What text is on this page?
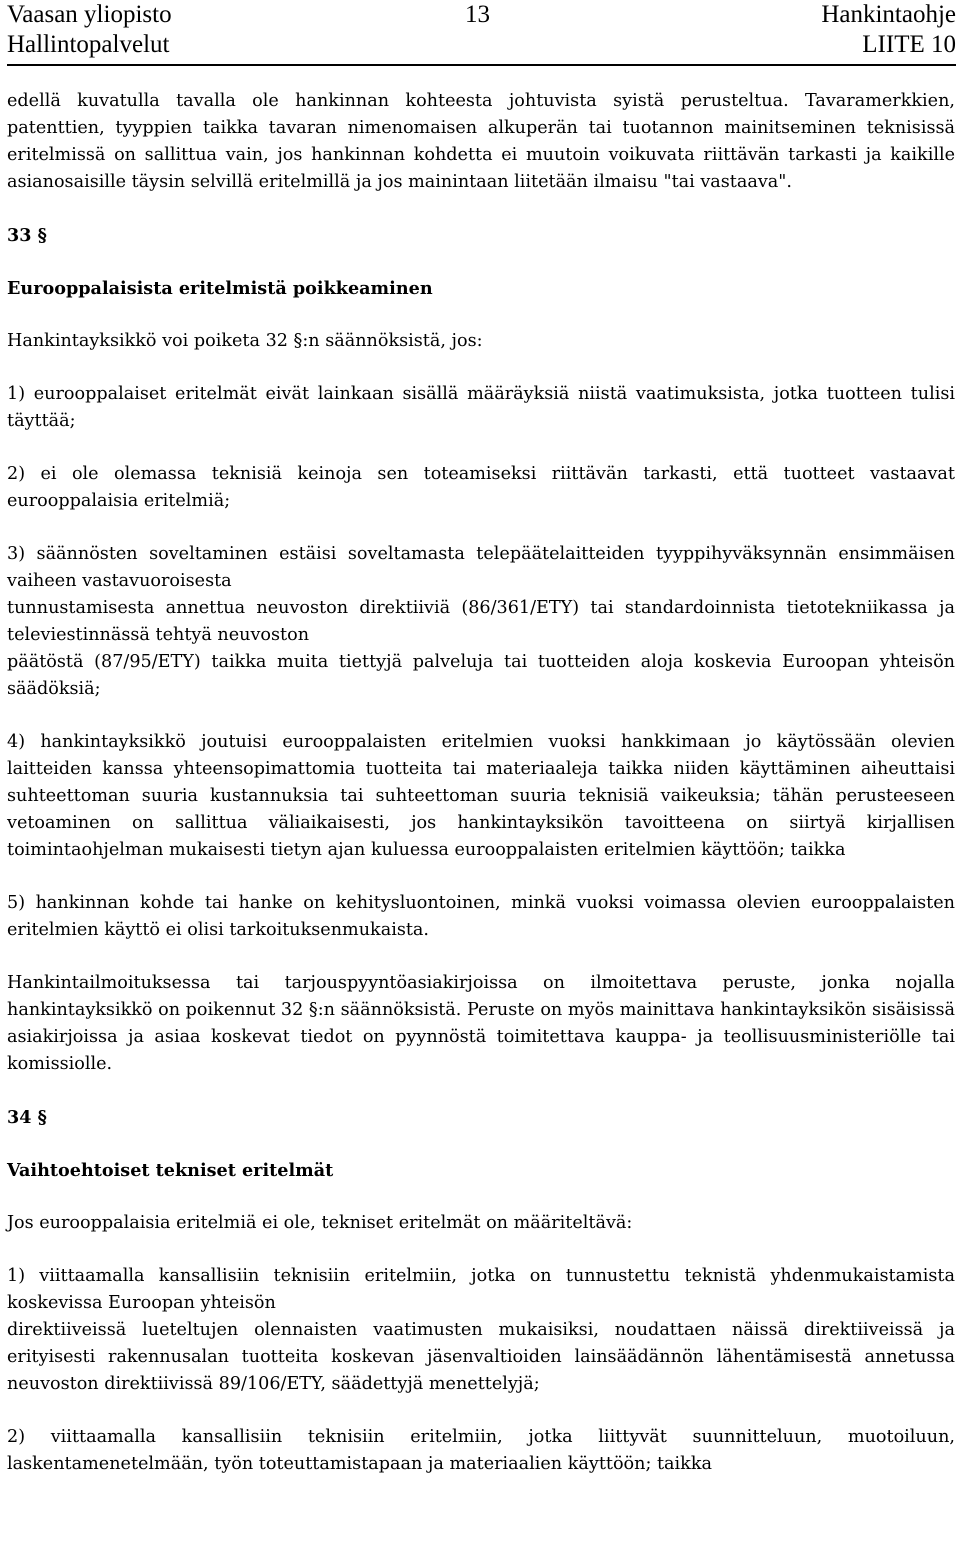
Vaasan yliopisto	13	Hankintaohje
Hallintopalvelut	LIITE 10

edellä kuvatulla tavalla ole hankinnan kohteesta johtuvista syistä perusteltua. Tavaramerkkien, patenttien, tyyppien taikka tavaran nimenomaisen alkuperän tai tuotannon mainitseminen teknisissä eritelmissä on sallittua vain, jos hankinnan kohdetta ei muutoin voikuvata riittävän tarkasti ja kaikille asianosaisille täysin selvillä eritelmillä ja jos mainintaan liitetään ilmaisu "tai vastaava".

33 §

Eurooppalaisista eritelmistä poikkeaminen

Hankintayksikkö voi poiketa 32 §:n säännöksistä, jos:

1) eurooppalaiset eritelmät eivät lainkaan sisällä määräyksiä niistä vaatimuksista, jotka tuotteen tulisi täyttää;

2) ei ole olemassa teknisiä keinoja sen toteamiseksi riittävän tarkasti, että tuotteet vastaavat eurooppalaisia eritelmiä;

3) säännösten soveltaminen estäisi soveltamasta telepäätelaitteiden tyyppihyväksynnän ensimmäisen vaiheen vastavuoroisesta

tunnustamisesta annettua neuvoston direktiiviä (86/361/ETY) tai standardoinnista tietotekniikassa ja televiestinnässä tehtyä neuvoston

päätöstä (87/95/ETY) taikka muita tiettyjä palveluja tai tuotteiden aloja koskevia Euroopan yhteisön säädöksiä;

4) hankintayksikkö joutuisi eurooppalaisten eritelmien vuoksi hankkimaan jo käytössään olevien laitteiden kanssa yhteensopimattomia tuotteita tai materiaaleja taikka niiden käyttäminen aiheuttaisi suhteettoman suuria kustannuksia tai suhteettoman suuria teknisiä vaikeuksia; tähän perusteeseen vetoaminen on sallittua väliaikaisesti, jos hankintayksikön tavoitteena on siirtyä kirjallisen toimintaohjelman mukaisesti tietyn ajan kuluessa eurooppalaisten eritelmien käyttöön; taikka

5) hankinnan kohde tai hanke on kehitysluontoinen, minkä vuoksi voimassa olevien eurooppalaisten eritelmien käyttö ei olisi tarkoituksenmukaista.

Hankintailmoituksessa tai tarjouspyyntöasiakirjoissa on ilmoitettava peruste, jonka nojalla hankintayksikkö on poikennut 32 §:n säännöksistä. Peruste on myös mainittava hankintayksikön sisäisissä asiakirjoissa ja asiaa koskevat tiedot on pyynnöstä toimitettava kauppa- ja teollisuusministeriölle tai komissiolle.

34 §

Vaihtoehtoiset tekniset eritelmät

Jos eurooppalaisia eritelmiä ei ole, tekniset eritelmät on määriteltävä:

1) viittaamalla kansallisiin teknisiin eritelmiin, jotka on tunnustettu teknistä yhdenmukaistamista koskevissa Euroopan yhteisön

direktiiveissä lueteltujen olennaisten vaatimusten mukaisiksi, noudattaen näissä direktiiveissä ja erityisesti rakennusalan tuotteita koskevan jäsenvaltioiden lainsäädännön lähentämisestä annetussa neuvoston direktiivissä 89/106/ETY, säädettyjä menettelyjä;

2) viittaamalla kansallisiin teknisiin eritelmiin, jotka liittyvät suunnitteluun, muotoiluun, laskentamenetelmään, työn toteuttamistapaan ja materiaalien käyttöön; taikka
